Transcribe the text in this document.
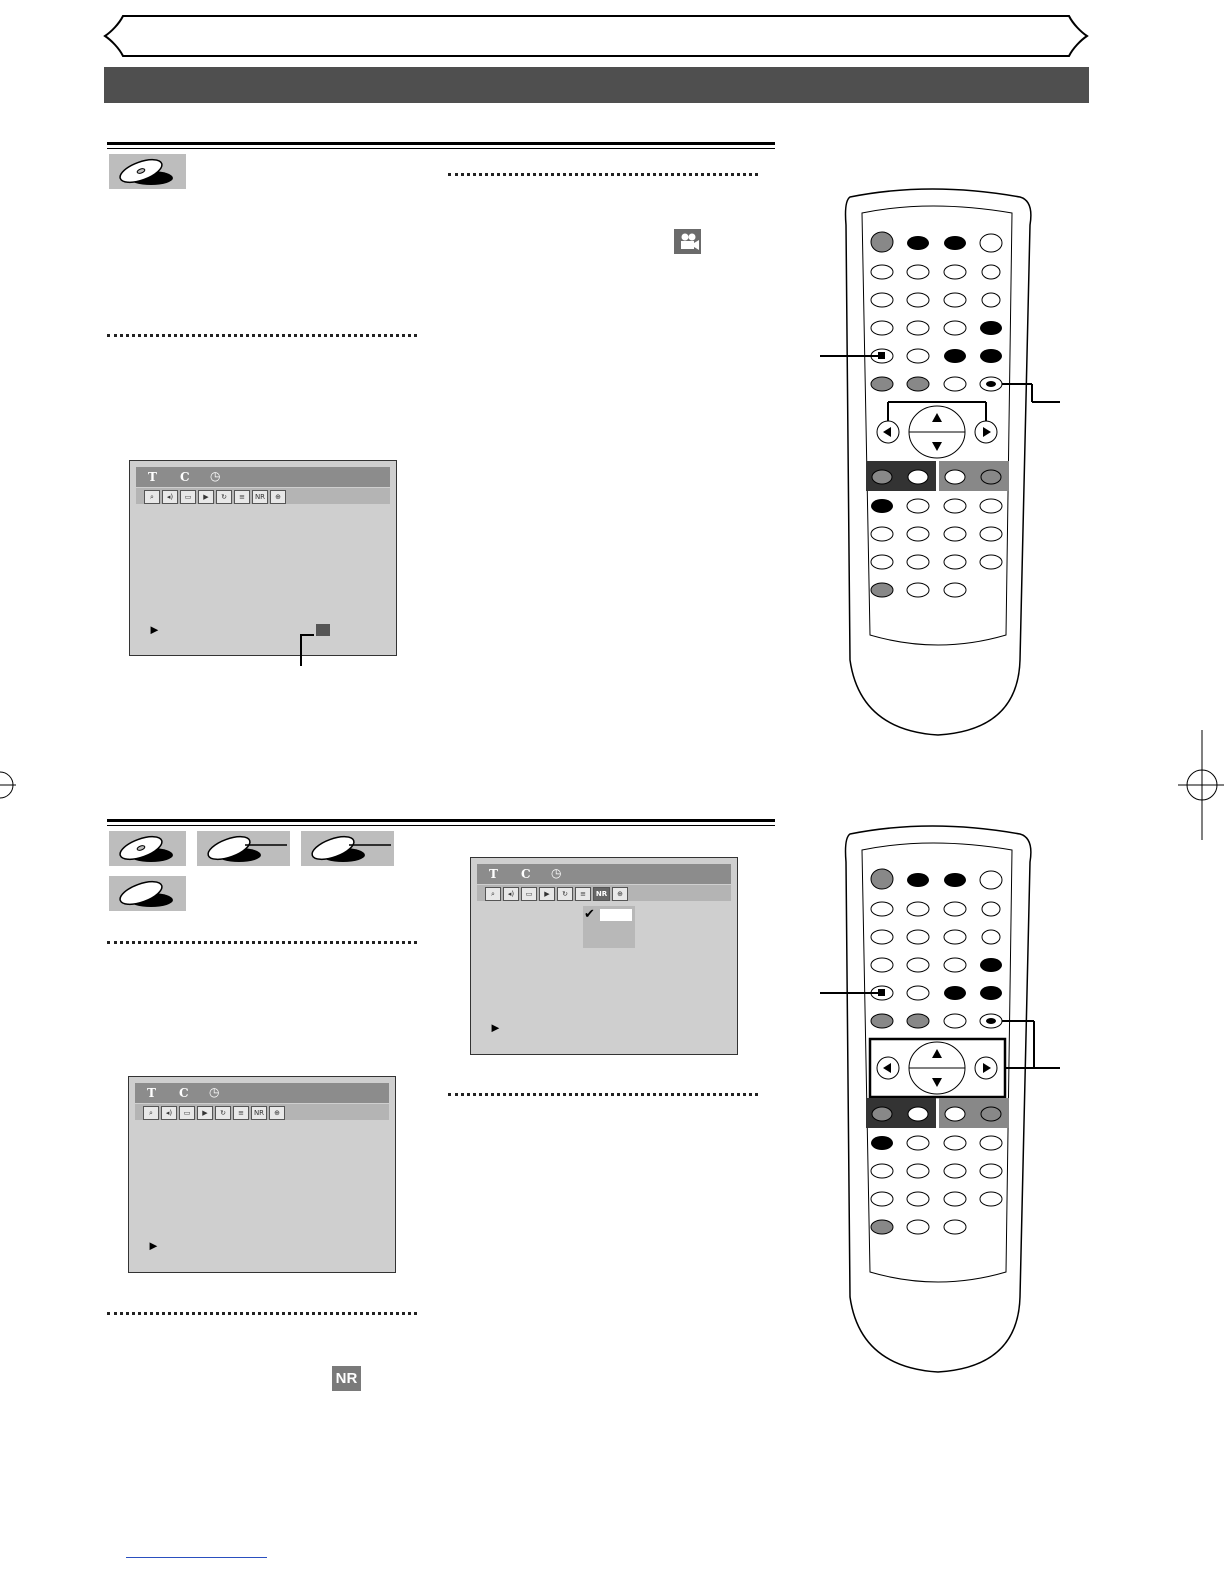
T C ◷
⌕	◂)	▭	▶	↻	≡	NR	⊕
►
T C ◷
⌕	◂)	▭	▶	↻	≡	NR	⊕
✔
►
T C ◷
⌕	◂)	▭	▶	↻	≡	NR	⊕
►
NR
